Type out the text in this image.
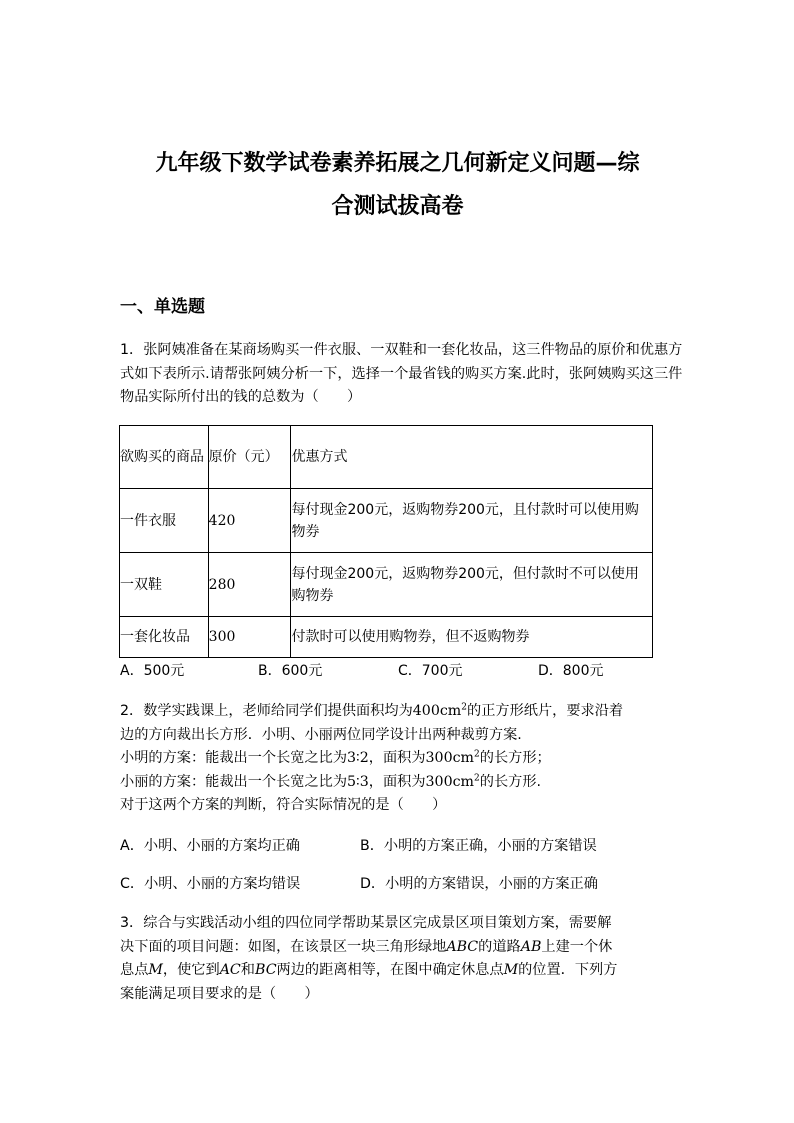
九年级下数学试卷素养拓展之几何新定义问题—综
合测试拔高卷
一、单选题

1．张阿姨准备在某商场购买一件衣服、一双鞋和一套化妆品，这三件物品的原价和优惠方式如下表所示.请帮张阿姨分析一下，选择一个最省钱的购买方案.此时，张阿姨购买这三件物品实际所付出的钱的总数为（　　）

欲购买的商品	原价（元）	优惠方式
一件衣服	420	每付现金200元，返购物券200元，且付款时可以使用购物券
一双鞋	280	每付现金200元，返购物券200元，但付款时不可以使用购物券
一套化妆品	300	付款时可以使用购物券，但不返购物券
A．500元	B．600元	C．700元	D．800元
2．数学实践课上，老师给同学们提供面积均为$400cm^2$的正方形纸片，要求沿着
边的方向裁出长方形．小明、小丽两位同学设计出两种裁剪方案.
小明的方案：能裁出一个长宽之比为3∶2，面积为$300cm^2$的长方形；
小丽的方案：能裁出一个长宽之比为5∶3，面积为$300cm^2$的长方形.
对于这两个方案的判断，符合实际情况的是（　　）
A．小明、小丽的方案均正确	B．小明的方案正确，小丽的方案错误
C．小明、小丽的方案均错误	D．小明的方案错误，小丽的方案正确
3．综合与实践活动小组的四位同学帮助某景区完成景区项目策划方案，需要解
决下面的项目问题：如图，在该景区一块三角形绿地ABC的道路AB上建一个休
息点M，使它到AC和BC两边的距离相等，在图中确定休息点M的位置．下列方
案能满足项目要求的是（　　）
